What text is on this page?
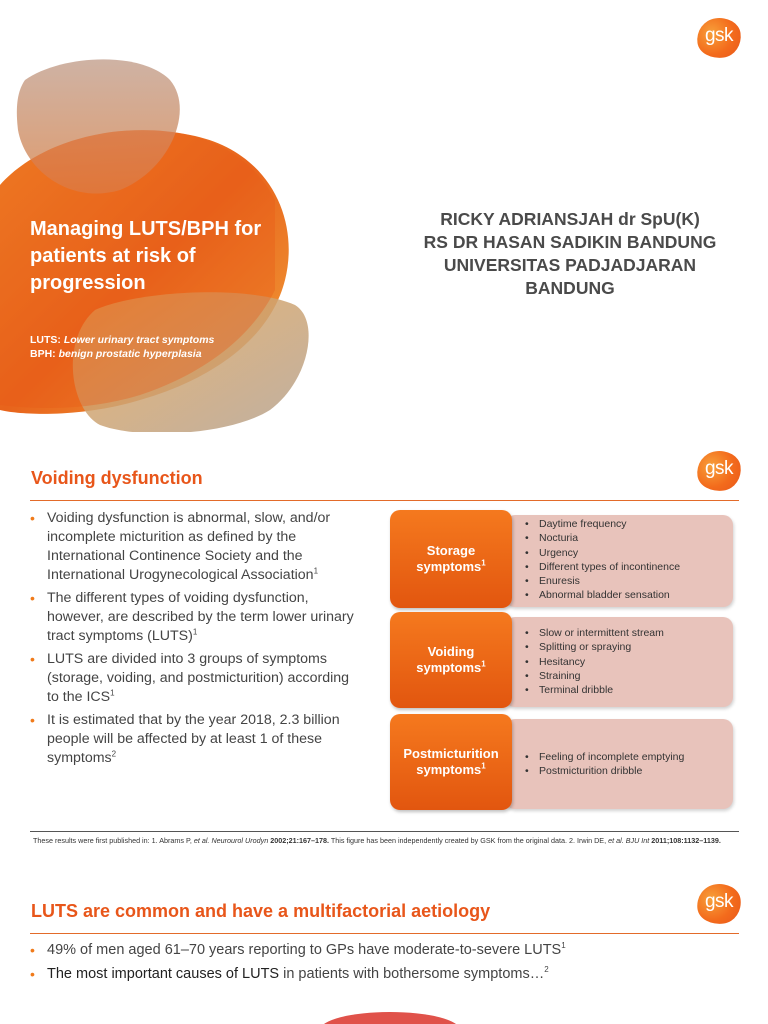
Managing LUTS/BPH for patients at risk of progression
LUTS: Lower urinary tract symptoms
BPH: benign prostatic hyperplasia
RICKY ADRIANSJAH dr SpU(K)
RS DR HASAN SADIKIN BANDUNG
UNIVERSITAS PADJADJARAN
BANDUNG
gsk
gsk
Voiding dysfunction
• Voiding dysfunction is abnormal, slow, and/or incomplete micturition as defined by the International Continence Society and the International Urogynecological Association$^1$
• The different types of voiding dysfunction, however, are described by the term lower urinary tract symptoms (LUTS)$^1$
• LUTS are divided into 3 groups of symptoms (storage, voiding, and postmicturition) according to the ICS$^1$
• It is estimated that by the year 2018, 2.3 billion people will be affected by at least 1 of these symptoms$^2$
Storage
symptoms$^1$
• Daytime frequency
• Nocturia
• Urgency
• Different types of incontinence
• Enuresis
• Abnormal bladder sensation
Voiding
symptoms$^1$
• Slow or intermittent stream
• Splitting or spraying
• Hesitancy
• Straining
• Terminal dribble
Postmicturition
symptoms$^1$
• Feeling of incomplete emptying
• Postmicturition dribble
These results were first published in: 1. Abrams P, et al. Neurourol Urodyn 2002;21:167–178. This figure has been independently created by GSK from the original data. 2. Irwin DE, et al. BJU Int 2011;108:1132–1139.
gsk
LUTS are common and have a multifactorial aetiology
• 49% of men aged 61–70 years reporting to GPs have moderate-to-severe LUTS$^1$
• The most important causes of LUTS in patients with bothersome symptoms…$^2$
